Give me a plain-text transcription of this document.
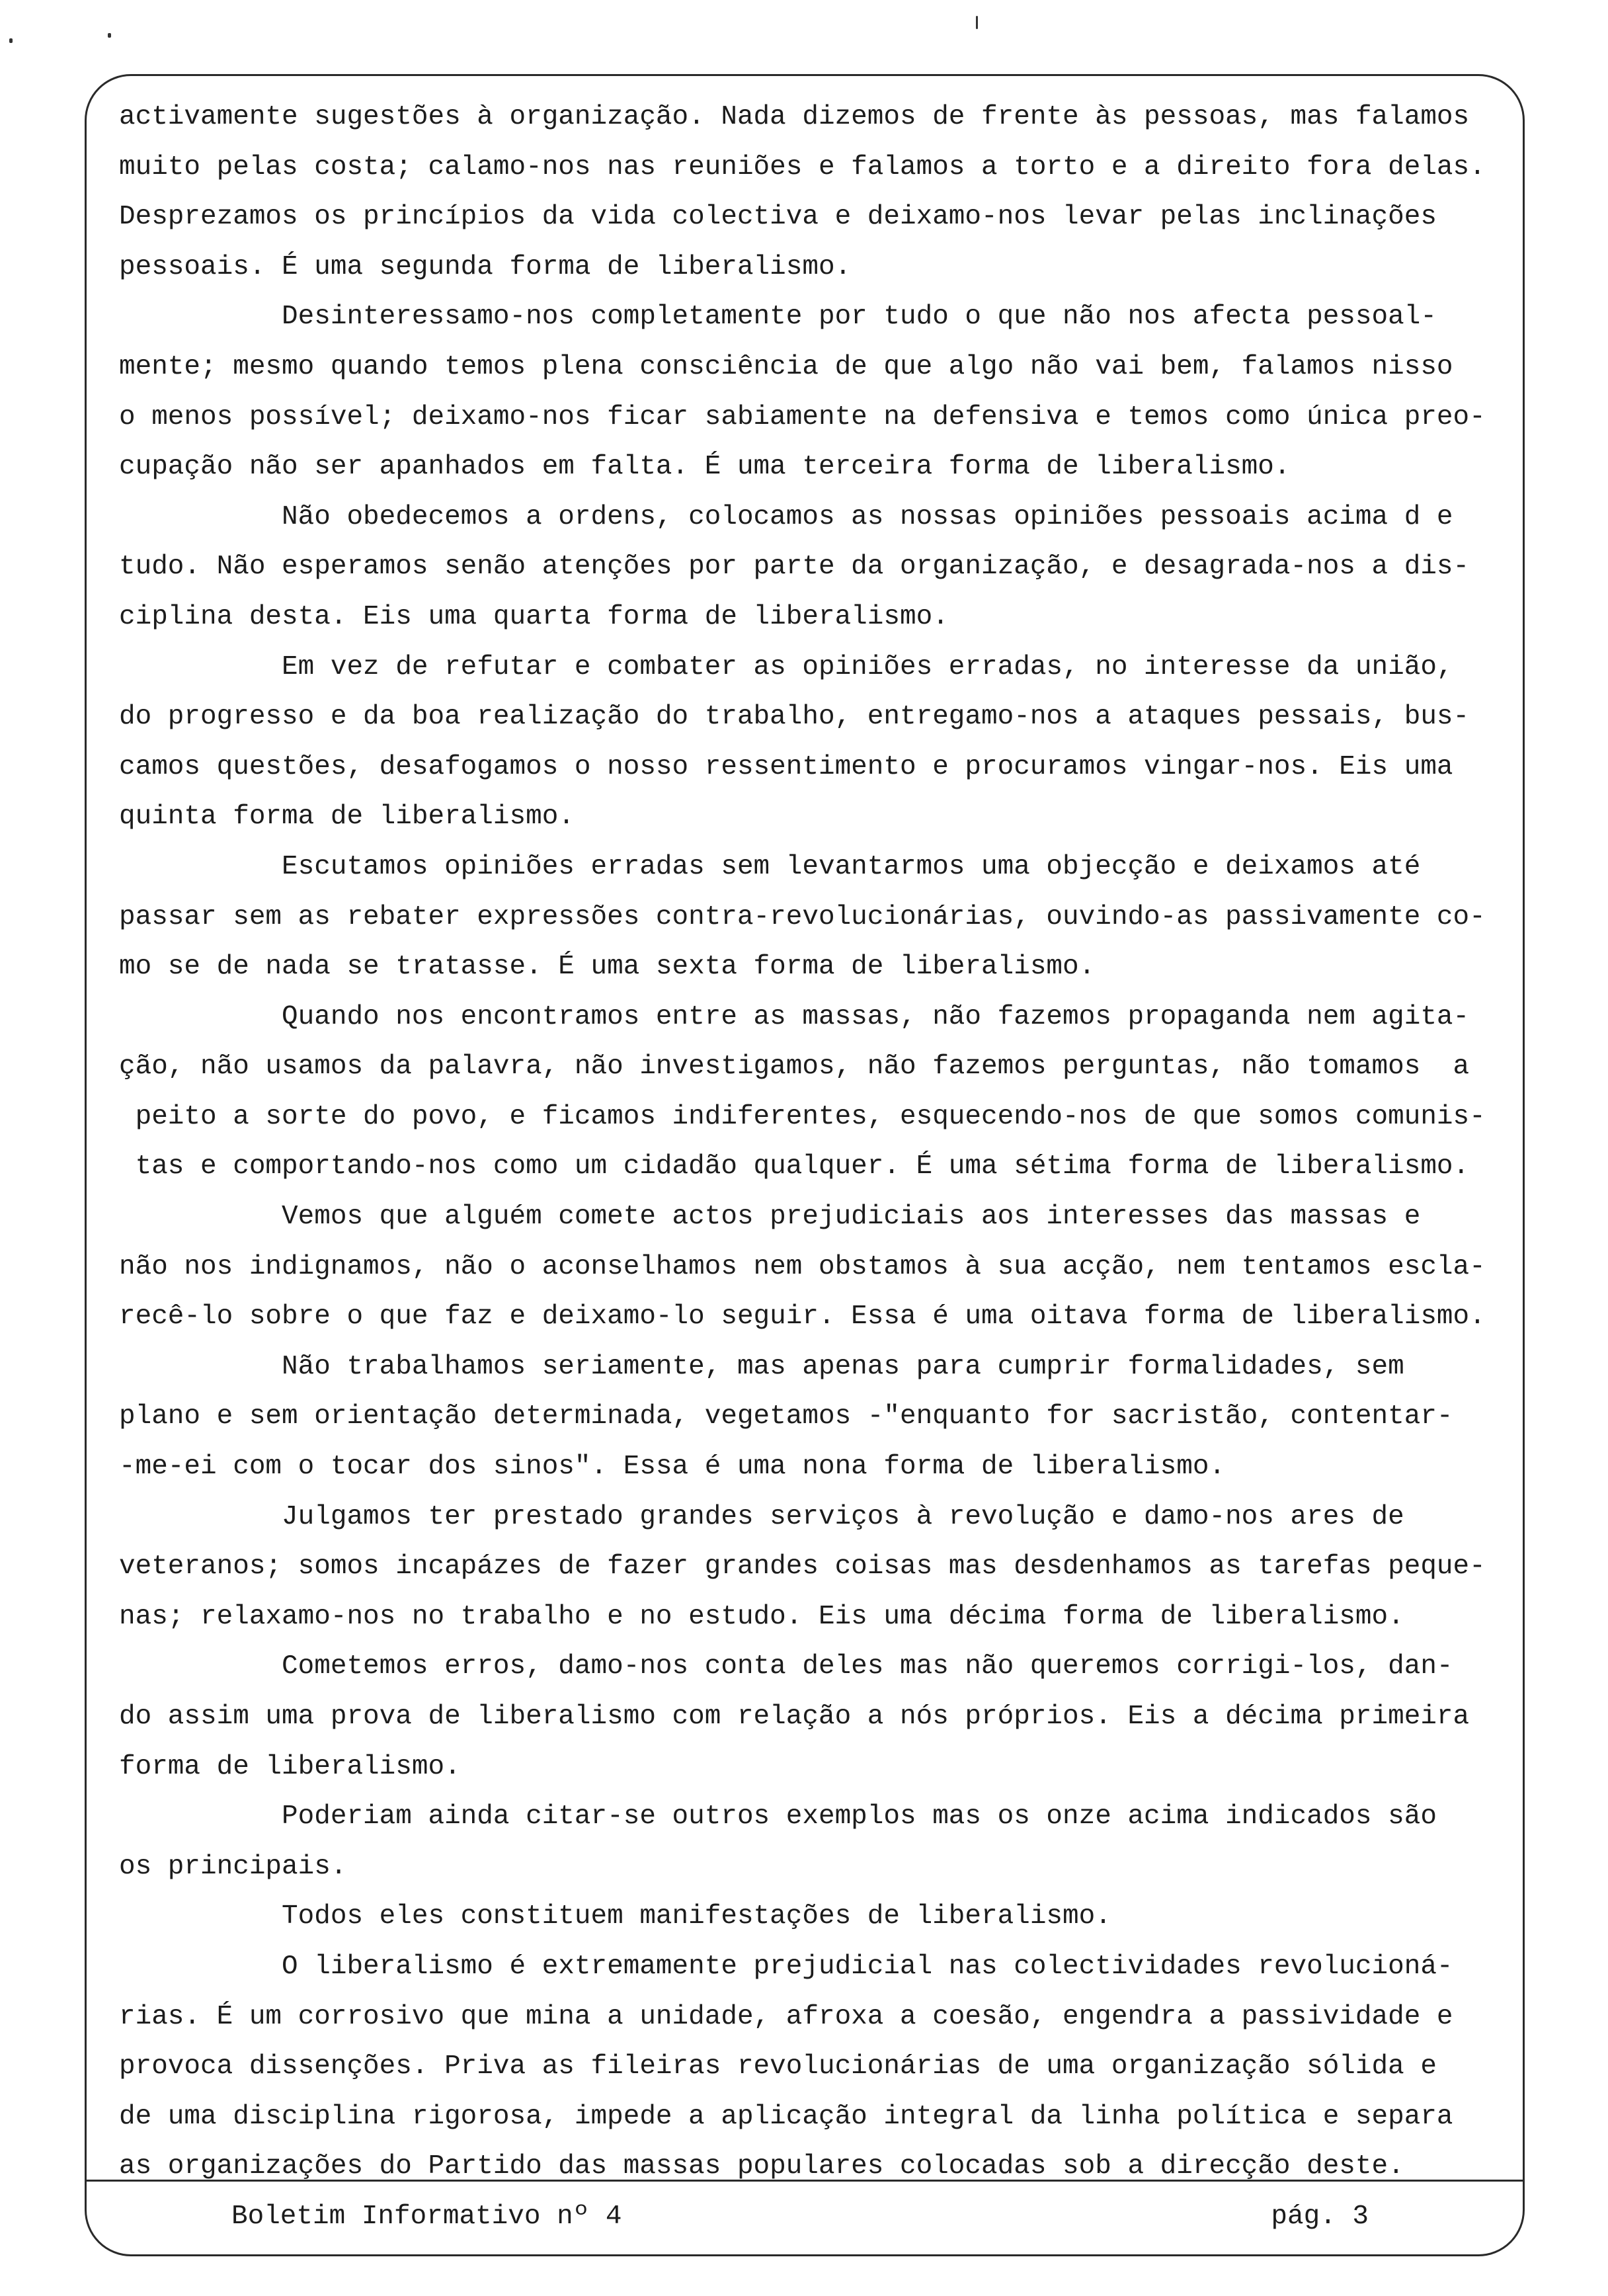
activamente sugestões à organização. Nada dizemos de frente às pessoas, mas falamos
muito pelas costa; calamo-nos nas reuniões e falamos a torto e a direito fora delas.
Desprezamos os princípios da vida colectiva e deixamo-nos levar pelas inclinações
pessoais. É uma segunda forma de liberalismo.
Desinteressamo-nos completamente por tudo o que não nos afecta pessoal-
mente; mesmo quando temos plena consciência de que algo não vai bem, falamos nisso
o menos possível; deixamo-nos ficar sabiamente na defensiva e temos como única preo-
cupação não ser apanhados em falta. É uma terceira forma de liberalismo.
Não obedecemos a ordens, colocamos as nossas opiniões pessoais acima d e
tudo. Não esperamos senão atenções por parte da organização, e desagrada-nos a dis-
ciplina desta. Eis uma quarta forma de liberalismo.
Em vez de refutar e combater as opiniões erradas, no interesse da união,
do progresso e da boa realização do trabalho, entregamo-nos a ataques pessais, bus-
camos questões, desafogamos o nosso ressentimento e procuramos vingar-nos. Eis uma
quinta forma de liberalismo.
Escutamos opiniões erradas sem levantarmos uma objecção e deixamos até
passar sem as rebater expressões contra-revolucionárias, ouvindo-as passivamente co-
mo se de nada se tratasse. É uma sexta forma de liberalismo.
Quando nos encontramos entre as massas, não fazemos propaganda nem agita-
ção, não usamos da palavra, não investigamos, não fazemos perguntas, não tomamos  a
peito a sorte do povo, e ficamos indiferentes, esquecendo-nos de que somos comunis-
tas e comportando-nos como um cidadão qualquer. É uma sétima forma de liberalismo.
Vemos que alguém comete actos prejudiciais aos interesses das massas e
não nos indignamos, não o aconselhamos nem obstamos à sua acção, nem tentamos escla-
recê-lo sobre o que faz e deixamo-lo seguir. Essa é uma oitava forma de liberalismo.
Não trabalhamos seriamente, mas apenas para cumprir formalidades, sem
plano e sem orientação determinada, vegetamos -"enquanto for sacristão, contentar-
-me-ei com o tocar dos sinos". Essa é uma nona forma de liberalismo.
Julgamos ter prestado grandes serviços à revolução e damo-nos ares de
veteranos; somos incapázes de fazer grandes coisas mas desdenhamos as tarefas peque-
nas; relaxamo-nos no trabalho e no estudo. Eis uma décima forma de liberalismo.
Cometemos erros, damo-nos conta deles mas não queremos corrigi-los, dan-
do assim uma prova de liberalismo com relação a nós próprios. Eis a décima primeira
forma de liberalismo.
Poderiam ainda citar-se outros exemplos mas os onze acima indicados são
os principais.
Todos eles constituem manifestações de liberalismo.
O liberalismo é extremamente prejudicial nas colectividades revolucioná-
rias. É um corrosivo que mina a unidade, afroxa a coesão, engendra a passividade e
provoca dissenções. Priva as fileiras revolucionárias de uma organização sólida e
de uma disciplina rigorosa, impede a aplicação integral da linha política e separa
as organizações do Partido das massas populares colocadas sob a direcção deste.
Boletim Informativo nº 4	pág. 3
